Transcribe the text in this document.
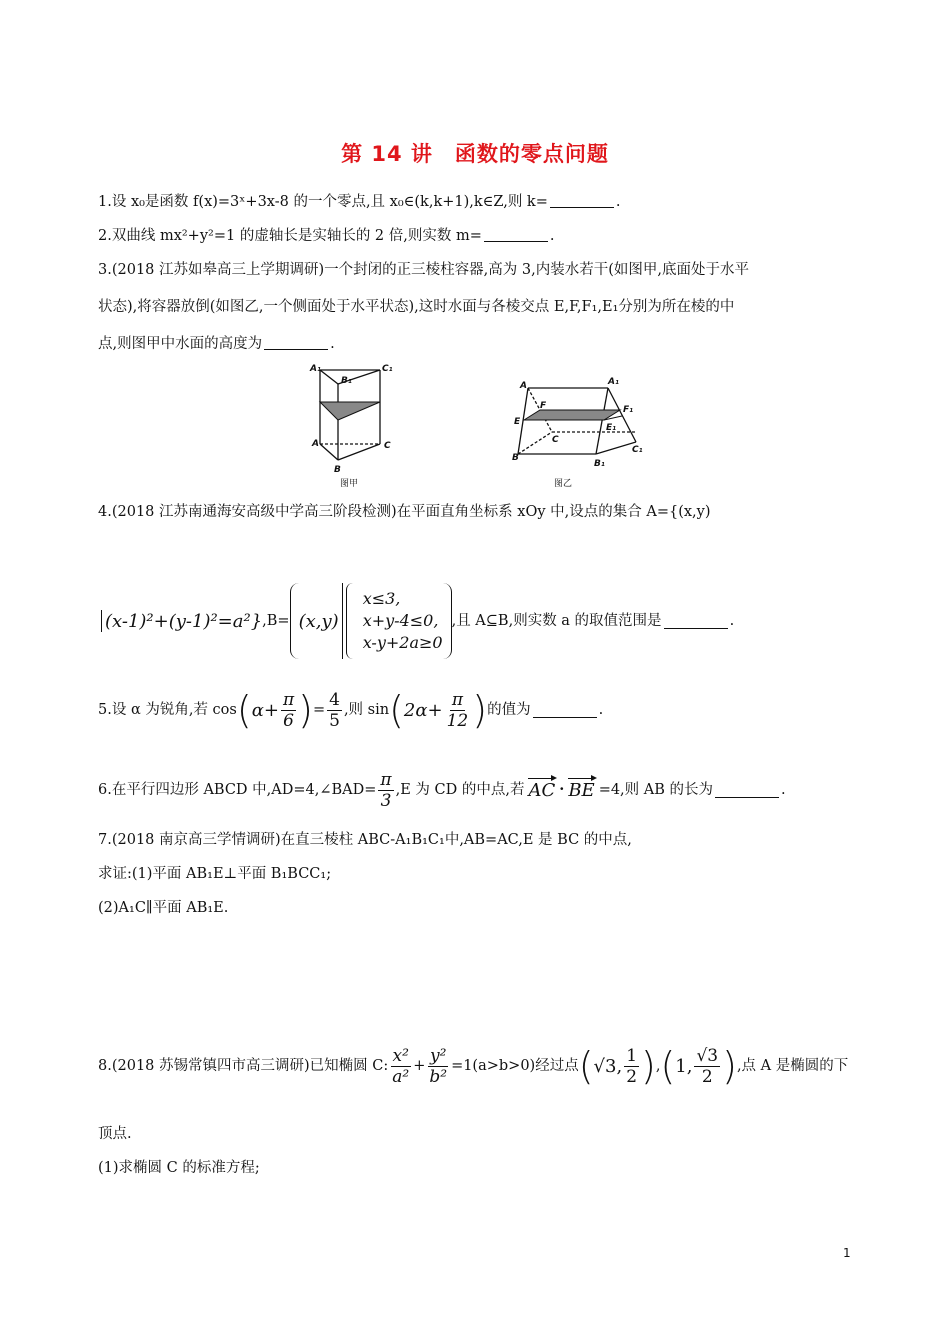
第 14 讲　函数的零点问题
1.设 x₀是函数 f(x)=3ˣ+3x-8 的一个零点,且 x₀∈(k,k+1),k∈Z,则 k=	.
2.双曲线 mx²+y²=1 的虚轴长是实轴长的 2 倍,则实数 m=	.
3.(2018 江苏如皋高三上学期调研)一个封闭的正三棱柱容器,高为 3,内装水若干(如图甲,底面处于水平
状态),将容器放倒(如图乙,一个侧面处于水平状态),这时水面与各棱交点 E,F,F₁,E₁分别为所在棱的中
点,则图甲中水面的高度为	.
A₁
B₁
C₁
A	C
B
图甲
A	A₁
F	F₁
E
E₁
C
C₁
B
B₁
图乙
4.(2018 江苏南通海安高级中学高三阶段检测)在平面直角坐标系 xOy 中,设点的集合 A={(x,y)
(x-1)²+(y-1)²=a²} ,B= (x,y)
x≤3,
x+y-4≤0,
x-y+2a≥0
,且 A⊆B,则实数 a 的取值范围是	.
5.设 α 为锐角,若 cos ( $\alpha+ \frac{\pi}{6}$ ) = $\frac{4}{5}$ ,则 sin ( $2\alpha+ \frac{\pi}{12}$ ) 的值为	.
6.在平行四边形 ABCD 中,AD=4,∠BAD= $\frac{\pi}{3} ,E$ 为 CD 的中点,若 AC · BE =4,则 AB 的长为	.
7.(2018 南京高三学情调研)在直三棱柱 ABC-A₁B₁C₁中,AB=AC,E 是 BC 的中点,
求证:(1)平面 AB₁E⊥平面 B₁BCC₁;
(2)A₁C∥平面 AB₁E.
8.(2018 苏锡常镇四市高三调研)已知椭圆 C: $\frac{\text{x²}}{\text{a²}} + \frac{\text{y²}}{\text{b²}} =1(a>b>0)$经过点 ( √3, $\frac{1}{2}$ ) , ( 1, $\frac{√3}{2}$ ) ,点 A 是椭圆的下
顶点.
(1)求椭圆 C 的标准方程;
1
